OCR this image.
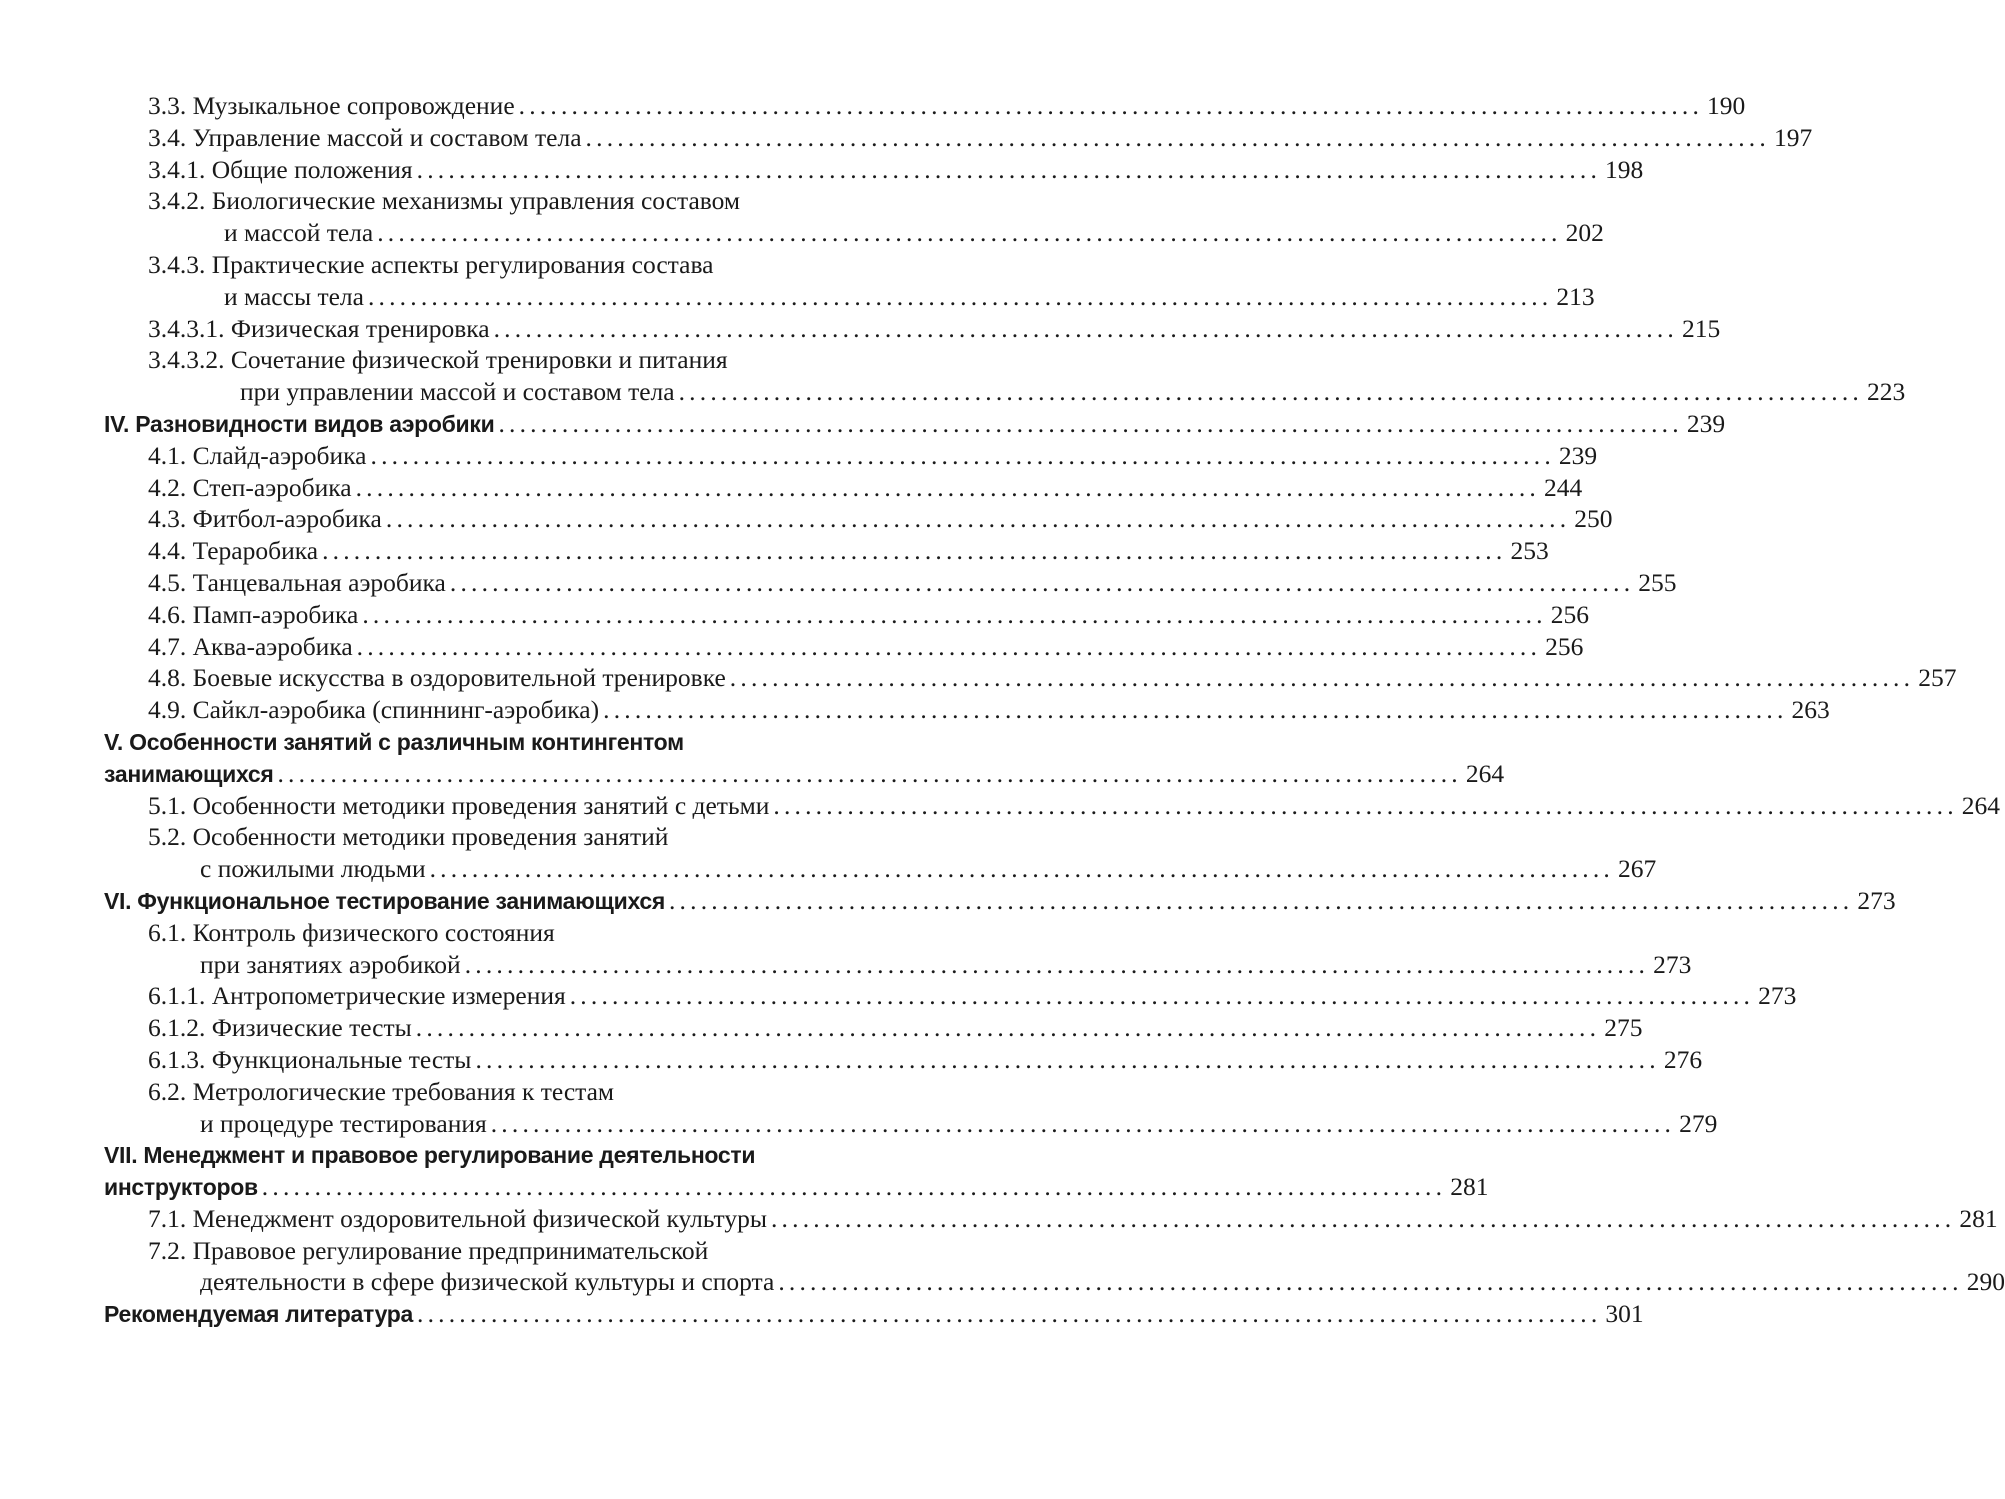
3.3. Музыкальное сопровождение ................................................................................................................ 190
3.4. Управление массой и составом тела ................................................................................................................ 197
3.4.1. Общие положения ................................................................................................................ 198
3.4.2. Биологические механизмы управления составом
и массой тела ................................................................................................................ 202
3.4.3. Практические аспекты регулирования состава
и массы тела ................................................................................................................ 213
3.4.3.1. Физическая тренировка ................................................................................................................ 215
3.4.3.2. Сочетание физической тренировки и питания
при управлении массой и составом тела ................................................................................................................ 223
IV. Разновидности видов аэробики ................................................................................................................ 239
4.1. Слайд-аэробика ................................................................................................................ 239
4.2. Степ-аэробика ................................................................................................................ 244
4.3. Фитбол-аэробика ................................................................................................................ 250
4.4. Тераробика ................................................................................................................ 253
4.5. Танцевальная аэробика ................................................................................................................ 255
4.6. Памп-аэробика ................................................................................................................ 256
4.7. Аква-аэробика ................................................................................................................ 256
4.8. Боевые искусства в оздоровительной тренировке ................................................................................................................ 257
4.9. Сайкл-аэробика (спиннинг-аэробика) ................................................................................................................ 263
V. Особенности занятий с различным контингентом
занимающихся ................................................................................................................ 264
5.1. Особенности методики проведения занятий с детьми ................................................................................................................ 264
5.2. Особенности методики проведения занятий
с пожилыми людьми ................................................................................................................ 267
VI. Функциональное тестирование занимающихся ................................................................................................................ 273
6.1. Контроль физического состояния
при занятиях аэробикой ................................................................................................................ 273
6.1.1. Антропометрические измерения ................................................................................................................ 273
6.1.2. Физические тесты ................................................................................................................ 275
6.1.3. Функциональные тесты ................................................................................................................ 276
6.2. Метрологические требования к тестам
и процедуре тестирования ................................................................................................................ 279
VII. Менеджмент и правовое регулирование деятельности
инструкторов ................................................................................................................ 281
7.1. Менеджмент оздоровительной физической культуры ................................................................................................................ 281
7.2. Правовое регулирование предпринимательской
деятельности в сфере физической культуры и спорта ................................................................................................................ 290
Рекомендуемая литература ................................................................................................................ 301
